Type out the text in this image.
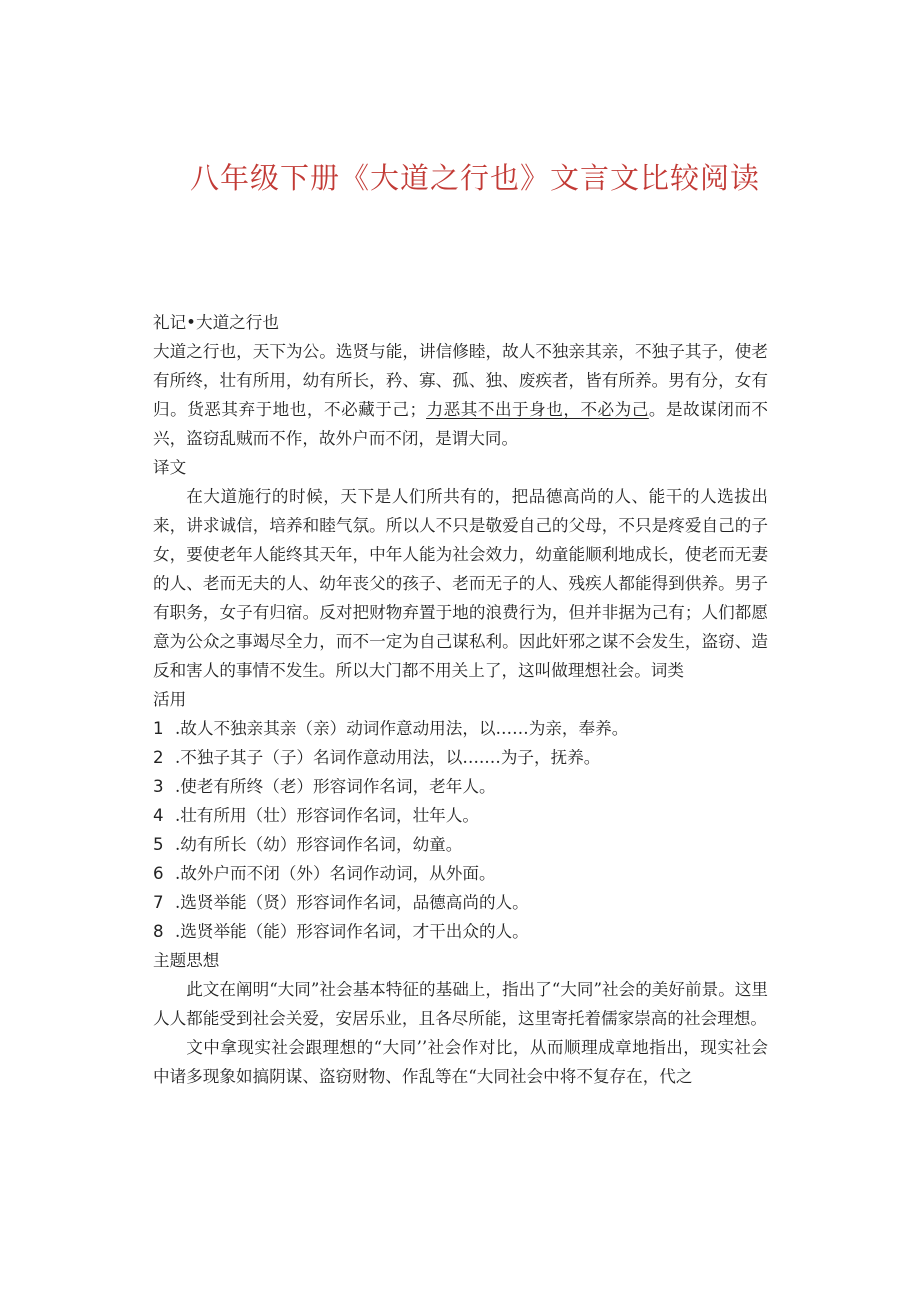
八年级下册《大道之行也》文言文比较阅读

礼记•大道之行也

大道之行也，天下为公。选贤与能，讲信修睦，故人不独亲其亲，不独子其子，使老有所终，壮有所用，幼有所长，矜、寡、孤、独、废疾者，皆有所养。男有分，女有归。货恶其弃于地也，不必藏于己；力恶其不出于身也，不必为己。是故谋闭而不兴，盗窃乱贼而不作，故外户而不闭，是谓大同。

译文

在大道施行的时候，天下是人们所共有的，把品德高尚的人、能干的人选拔出来，讲求诚信，培养和睦气氛。所以人不只是敬爱自己的父母，不只是疼爱自己的子女，要使老年人能终其天年，中年人能为社会效力，幼童能顺利地成长，使老而无妻的人、老而无夫的人、幼年丧父的孩子、老而无子的人、残疾人都能得到供养。男子有职务，女子有归宿。反对把财物弃置于地的浪费行为，但并非据为己有；人们都愿意为公众之事竭尽全力，而不一定为自己谋私利。因此奸邪之谋不会发生，盗窃、造反和害人的事情不发生。所以大门都不用关上了，这叫做理想社会。词类

活用

1 .故人不独亲其亲（亲）动词作意动用法，以……为亲，奉养。

2 .不独子其子（子）名词作意动用法，以….…为子，抚养。

3 .使老有所终（老）形容词作名词，老年人。

4 .壮有所用（壮）形容词作名词，壮年人。

5 .幼有所长（幼）形容词作名词，幼童。

6 .故外户而不闭（外）名词作动词，从外面。

7 .选贤举能（贤）形容词作名词，品德高尚的人。

8 .选贤举能（能）形容词作名词，才干出众的人。

主题思想

此文在阐明“大同”社会基本特征的基础上，指出了“大同”社会的美好前景。这里人人都能受到社会关爱，安居乐业，且各尽所能，这里寄托着儒家崇高的社会理想。

文中拿现实社会跟理想的“大同’’社会作对比，从而顺理成章地指出，现实社会中诸多现象如搞阴谋、盗窃财物、作乱等在“大同社会中将不复存在，代之
